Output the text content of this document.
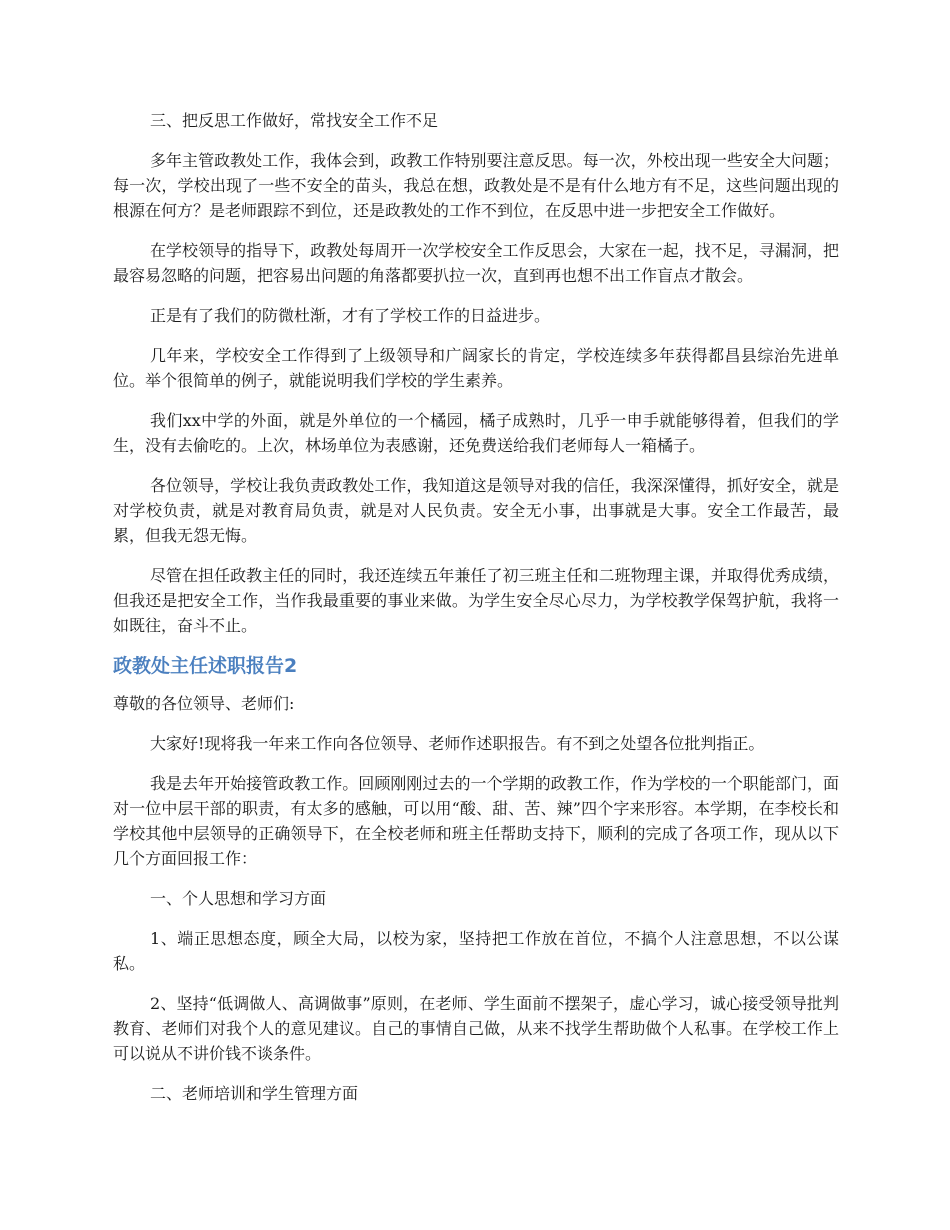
三、把反思工作做好，常找安全工作不足

多年主管政教处工作，我体会到，政教工作特别要注意反思。每一次，外校出现一些安全大问题；每一次，学校出现了一些不安全的苗头，我总在想，政教处是不是有什么地方有不足，这些问题出现的根源在何方？是老师跟踪不到位，还是政教处的工作不到位，在反思中进一步把安全工作做好。

在学校领导的指导下，政教处每周开一次学校安全工作反思会，大家在一起，找不足，寻漏洞，把最容易忽略的问题，把容易出问题的角落都要扒拉一次，直到再也想不出工作盲点才散会。

正是有了我们的防微杜渐，才有了学校工作的日益进步。

几年来，学校安全工作得到了上级领导和广阔家长的肯定，学校连续多年获得都昌县综治先进单位。举个很简单的例子，就能说明我们学校的学生素养。

我们xx中学的外面，就是外单位的一个橘园，橘子成熟时，几乎一申手就能够得着，但我们的学生，没有去偷吃的。上次，林场单位为表感谢，还免费送给我们老师每人一箱橘子。

各位领导，学校让我负责政教处工作，我知道这是领导对我的信任，我深深懂得，抓好安全，就是对学校负责，就是对教育局负责，就是对人民负责。安全无小事，出事就是大事。安全工作最苦，最累，但我无怨无悔。

尽管在担任政教主任的同时，我还连续五年兼任了初三班主任和二班物理主课，并取得优秀成绩，但我还是把安全工作，当作我最重要的事业来做。为学生安全尽心尽力，为学校教学保驾护航，我将一如既往，奋斗不止。

政教处主任述职报告2

尊敬的各位领导、老师们:

大家好!现将我一年来工作向各位领导、老师作述职报告。有不到之处望各位批判指正。

我是去年开始接管政教工作。回顾刚刚过去的一个学期的政教工作，作为学校的一个职能部门，面对一位中层干部的职责，有太多的感触，可以用“酸、甜、苦、辣”四个字来形容。本学期，在李校长和学校其他中层领导的正确领导下，在全校老师和班主任帮助支持下，顺利的完成了各项工作，现从以下几个方面回报工作：

一、个人思想和学习方面

1、端正思想态度，顾全大局，以校为家，坚持把工作放在首位，不搞个人注意思想，不以公谋私。

2、坚持“低调做人、高调做事”原则，在老师、学生面前不摆架子，虚心学习，诚心接受领导批判教育、老师们对我个人的意见建议。自己的事情自己做，从来不找学生帮助做个人私事。在学校工作上可以说从不讲价钱不谈条件。

二、老师培训和学生管理方面
